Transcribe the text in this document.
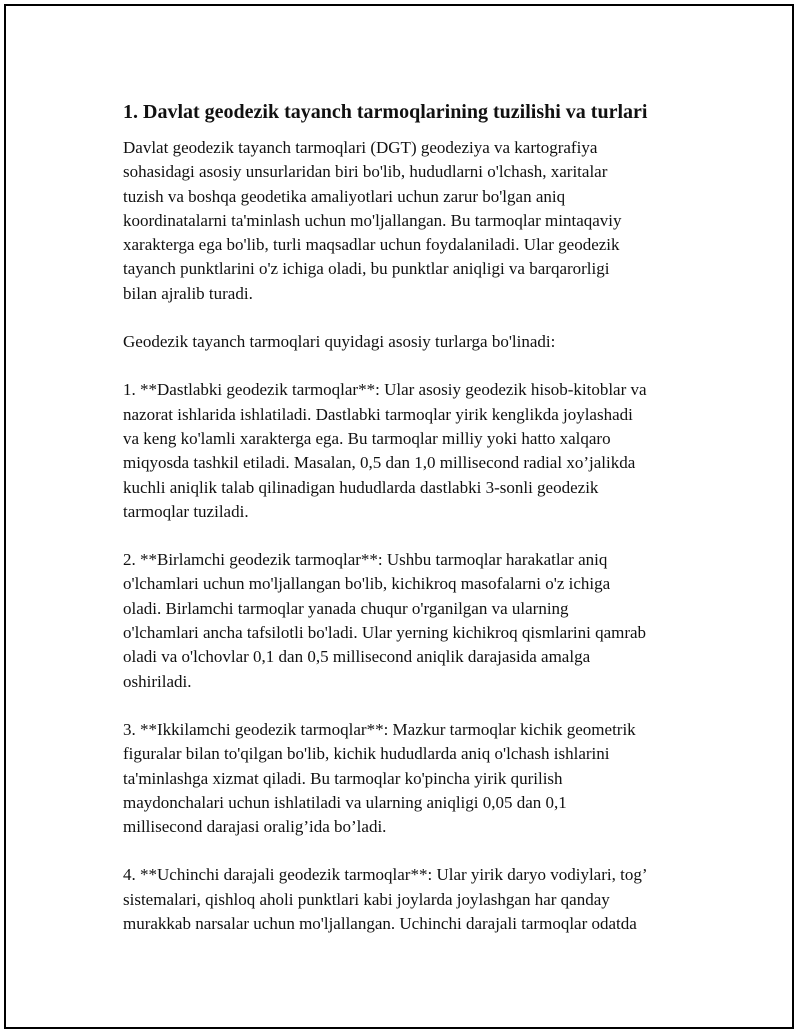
1. Davlat geodezik tayanch tarmoqlarining tuzilishi va turlari

Davlat geodezik tayanch tarmoqlari (DGT) geodeziya va kartografiya
sohasidagi asosiy unsurlaridan biri bo'lib, hududlarni o'lchash, xaritalar
tuzish va boshqa geodetika amaliyotlari uchun zarur bo'lgan aniq
koordinatalarni ta'minlash uchun mo'ljallangan. Bu tarmoqlar mintaqaviy
xarakterga ega bo'lib, turli maqsadlar uchun foydalaniladi. Ular geodezik
tayanch punktlarini o'z ichiga oladi, bu punktlar aniqligi va barqarorligi
bilan ajralib turadi.

Geodezik tayanch tarmoqlari quyidagi asosiy turlarga bo'linadi:

1. **Dastlabki geodezik tarmoqlar**: Ular asosiy geodezik hisob-kitoblar va
nazorat ishlarida ishlatiladi. Dastlabki tarmoqlar yirik kenglikda joylashadi
va keng ko'lamli xarakterga ega. Bu tarmoqlar milliy yoki hatto xalqaro
miqyosda tashkil etiladi. Masalan, 0,5 dan 1,0 millisecond radial xo’jalikda
kuchli aniqlik talab qilinadigan hududlarda dastlabki 3-sonli geodezik
tarmoqlar tuziladi.

2. **Birlamchi geodezik tarmoqlar**: Ushbu tarmoqlar harakatlar aniq
o'lchamlari uchun mo'ljallangan bo'lib, kichikroq masofalarni o'z ichiga
oladi. Birlamchi tarmoqlar yanada chuqur o'rganilgan va ularning
o'lchamlari ancha tafsilotli bo'ladi. Ular yerning kichikroq qismlarini qamrab
oladi va o'lchovlar 0,1 dan 0,5 millisecond aniqlik darajasida amalga
oshiriladi.

3. **Ikkilamchi geodezik tarmoqlar**: Mazkur tarmoqlar kichik geometrik
figuralar bilan to'qilgan bo'lib, kichik hududlarda aniq o'lchash ishlarini
ta'minlashga xizmat qiladi. Bu tarmoqlar ko'pincha yirik qurilish
maydonchalari uchun ishlatiladi va ularning aniqligi 0,05 dan 0,1
millisecond darajasi oralig’ida bo’ladi.

4. **Uchinchi darajali geodezik tarmoqlar**: Ular yirik daryo vodiylari, tog’
sistemalari, qishloq aholi punktlari kabi joylarda joylashgan har qanday
murakkab narsalar uchun mo'ljallangan. Uchinchi darajali tarmoqlar odatda
